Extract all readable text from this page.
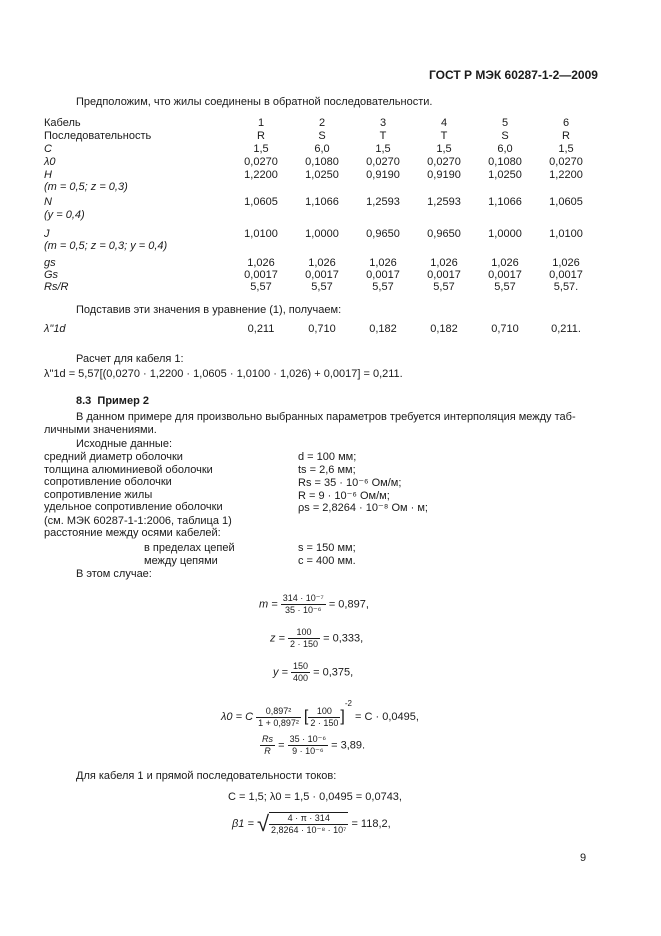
ГОСТ Р МЭК 60287-1-2—2009
Предположим, что жилы соединены в обратной последовательности.
Кабель	1	2	3	4	5	6
Последовательность	R	S	T	T	S	R
C	1,5	6,0	1,5	1,5	6,0	1,5
λ0	0,0270	0,1080	0,0270	0,0270	0,1080	0,0270
H	1,2200	1,0250	0,9190	0,9190	1,0250	1,2200
(m = 0,5; z = 0,3)
N	1,0605	1,1066	1,2593	1,2593	1,1066	1,0605
(y = 0,4)
J	1,0100	1,0000	0,9650	0,9650	1,0000	1,0100
(m = 0,5; z = 0,3; y = 0,4)
gs	1,026	1,026	1,026	1,026	1,026	1,026
Gs	0,0017	0,0017	0,0017	0,0017	0,0017	0,0017
Rs/R	5,57	5,57	5,57	5,57	5,57	5,57.
λ"1d	0,211	0,710	0,182	0,182	0,710	0,211.
Подставив эти значения в уравнение (1), получаем:
Расчет для кабеля 1:
λ"1d = 5,57[(0,0270 · 1,2200 · 1,0605 · 1,0100 · 1,026) + 0,0017] = 0,211.
8.3 Пример 2
В данном примере для произвольно выбранных параметров требуется интерполяция между таб-
личными значениями.
Исходные данные:
средний диаметр оболочки	d = 100 мм;
толщина алюминиевой оболочки	ts = 2,6 мм;
сопротивление оболочки	Rs = 35 · 10⁻⁶ Ом/м;
сопротивление жилы	R = 9 · 10⁻⁶ Ом/м;
удельное сопротивление оболочки	ρs = 2,8264 · 10⁻⁸ Ом · м;
(см. МЭК 60287-1-1:2006, таблица 1)
расстояние между осями кабелей:
в пределах цепей	s = 150 мм;
между цепями	c = 400 мм.
В этом случае:
$m = \frac{\text{314 · 10⁻⁷}}{\text{35 · 10⁻⁶}} = 0,897$,
$z = \frac{100}{2 \cdot 150} = 0,333$,
$y = \frac{150}{400} = 0,375$,
λ0 = C $\frac{\text{0,897²}}{\text{1 + 0,897²}}$ [ $\frac{100}{2 \cdot 150} ]^{-2} = C \cdot 0,0495$,
$\frac{Rs}{R} = \frac{\text{35 · 10⁻⁶}}{\text{9 · 10⁻⁶}} = 3,89$.
Для кабеля 1 и прямой последовательности токов:
C = 1,5; λ0 = 1,5 · 0,0495 = 0,0743,
β1 = √ $\frac{4 \cdot \pi \cdot 314}{\text{2,8264 · 10⁻⁸ · 10⁷}} = 118,2$,
9
